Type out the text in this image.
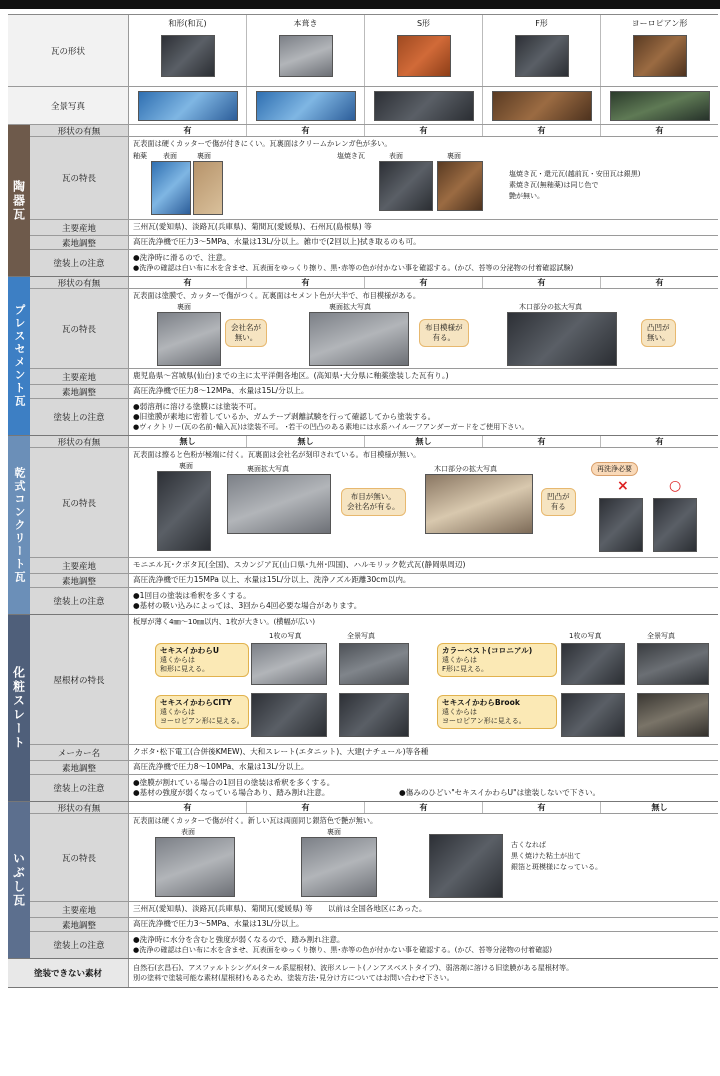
瓦の形状
和形(和瓦)	本葺き	S形	F形	ヨーロピアン形
全景写真
陶器瓦
形状の有無	有	有	有	有	有
瓦の特長
瓦表面は硬くカッターで傷が付きにくい。瓦裏面はクリームかレンガ色が多い。
釉薬 表面	裏面	塩焼き瓦	表面	裏面
塩焼き瓦・還元瓦(越前瓦・安田瓦は銀黒)
素焼き瓦(無釉薬)は同じ色で
艶が無い。
主要産地	三州瓦(愛知県)、淡路瓦(兵庫県)、菊間瓦(愛媛県)、石州瓦(島根県) 等
素地調整	高圧洗浄機で圧力3〜5MPa、水量は13L/分以上。雑巾で(2回以上)拭き取るのも可。
塗装上の注意
●洗浄時に滑るので、注意。
●洗浄の確認は白い布に水を含ませ、瓦表面をゆっくり擦り、黒･赤等の色が付かない事を確認する。(かび、苔等の分泌物の付着確認試験)
プレスセメント瓦
形状の有無	有	有	有	有	有
瓦の特長
瓦表面は塗膜で、カッターで傷がつく。瓦裏面はセメント色が大半で、布目模様がある。
裏面
会社名が
無い。
裏面拡大写真
布目模様が
有る。
木口部分の拡大写真
凸凹が
無い。
主要産地	鹿児島県〜宮城県(仙台)までの主に太平洋側各地区。(高知県･大分県に釉薬塗装した瓦有り。)
素地調整	高圧洗浄機で圧力8〜12MPa、水量は15L/分以上。
塗装上の注意
●弱溶剤に溶ける塗膜には塗装不可。
●旧塗膜が素地に密着しているか、ガムテープ剥離試験を行って確認してから塗装する。
●ヴィクトリー(瓦の名前･輸入瓦)は塗装不可。 ･若干の凹凸のある素地には水系ハイルーフアンダーガードをご使用下さい。
乾式コンクリート瓦
形状の有無	無し	無し	無し	有	有
瓦の特長
瓦表面は擦ると色粉が極端に付く。瓦裏面は会社名が刻印されている。布目模様が無い。
裏面	裏面拡大写真
布目が無い。
会社名が有る。
木口部分の拡大写真
凹凸が
有る
再洗浄必要
×	○
主要産地	モニエル瓦･クボタ瓦(全国)、スカンジア瓦(山口県･九州･四国)、ハルモリック乾式瓦(静岡県周辺)
素地調整	高圧洗浄機で圧力15MPa 以上、水量は15L/分以上、洗浄ノズル距離30cm以内。
塗装上の注意
●1回目の塗装は希釈を多くする。
●基材の吸い込みによっては、3回から4回必要な場合があります。
化粧スレート	屋根材の特長
板厚が薄く4㎜〜10㎜以内、1枚が大きい。(横幅が広い)
1枚の写真	全景写真	1枚の写真	全景写真
セキスイかわらU
遠くからは
和形に見える。
セキスイかわらCITY
遠くからは
ヨーロピアン形に見える。
カラーベスト(コロニアル)
遠くからは
F形に見える。
セキスイかわらBrook
遠くからは
ヨーロピアン形に見える。
メーカー名	クボタ･松下電工(合併後KMEW)、大和スレート(エタニット)、大建(ナチュール)等各種
素地調整	高圧洗浄機で圧力8〜10MPa、水量は13L/分以上。
塗装上の注意
●塗膜が割れている場合の1回目の塗装は希釈を多くする。
●基材の強度が弱くなっている場合あり、踏み割れ注意。	●傷みのひどい"セキスイかわらU"は塗装しないで下さい。
いぶし瓦
形状の有無	有	有	有	有	無し
瓦の特長
瓦表面は硬くカッターで傷が付く。新しい瓦は両面同じ銀箔色で艶が無い。
表面	裏面
古くなれば
黒く焼けた粘土が出て
銀箔と斑模様になっている。
主要産地	三州瓦(愛知県)、淡路瓦(兵庫県)、菊間瓦(愛媛県) 等　　以前は全国各地区にあった。
素地調整	高圧洗浄機で圧力3〜5MPa、水量は13L/分以上。
塗装上の注意
●洗浄時に水分を含むと強度が弱くなるので、踏み割れ注意。
●洗浄の確認は白い布に水を含ませ、瓦表面をゆっくり擦り、黒･赤等の色が付かない事を確認する。(かび、苔等分泌物の付着確認)
塗装できない素材
自然石(玄昌石)、アスファルトシングル(タール系屋根材)、波形スレート(ノンアスベストタイプ)、弱溶剤に溶ける旧塗膜がある屋根材等。
別の塗料で塗装可能な素材(屋根材)もあるため、塗装方法･見分け方についてはお問い合わせ下さい。
